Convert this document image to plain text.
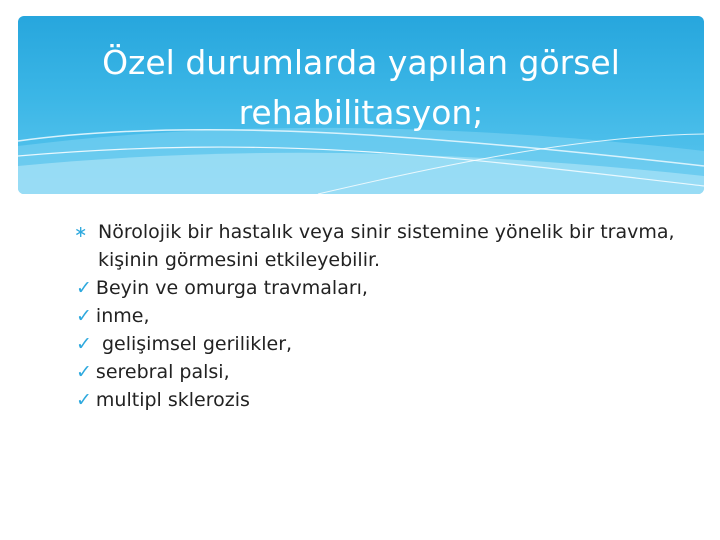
Özel durumlarda yapılan görsel
rehabilitasyon;
∗ Nörolojik bir hastalık veya sinir sistemine yönelik bir travma, kişinin görmesini etkileyebilir.
✓ Beyin ve omurga travmaları,
✓ inme,
✓ gelişimsel gerilikler,
✓ serebral palsi,
✓ multipl sklerozis
